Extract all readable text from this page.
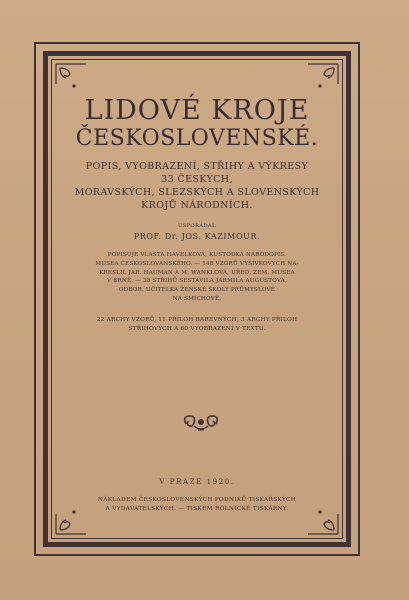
LIDOVÉ KROJE

ČESKOSLOVENSKÉ.

POPIS, VYOBRAZENÍ, STŘIHY A VÝKRESY
33 ČESKÝCH,
MORAVSKÝCH, SLEZSKÝCH A SLOVENSKÝCH
KROJŮ NÁRODNÍCH.

USPOŘÁDAL

PROF. Dr. JOS. KAZIMOUR.

POPISUJE VLASTA HAVELKOVÁ, KUSTODKA NÁRODOPIS.
MUSEA ČESKOSLOVANSKÉHO. — 148 VZORŮ VYŠÍVKOVÝCH NA-
KRESLIL JAR. HAUMAN A M. WANKLOVÁ, ÚŘED. ZEM. MUSEA
V BRNĚ. — 38 STŘIHŮ SESTAVILA JARMILA AUGUSTOVÁ,
ODBOR. UČITELKA ŽENSKÉ ŠKOLY PRŮMYSLOVÉ
NA SMÍCHOVĚ.
22 ARCHY VZORŮ, 11 PŘÍLOH BAREVNÝCH, 3 ARCHY PŘÍLOH
STŘIHOVÝCH A 60 VYOBRAZENÍ V TEXTU.
V PRAZE 1920.
NÁKLADEM ČESKOSLOVENSKÝCH PODNIKŮ TISKAŘSKÝCH
A VYDAVATELSKÝCH. — TISKEM ROLNICKÉ TISKÁRNY.
